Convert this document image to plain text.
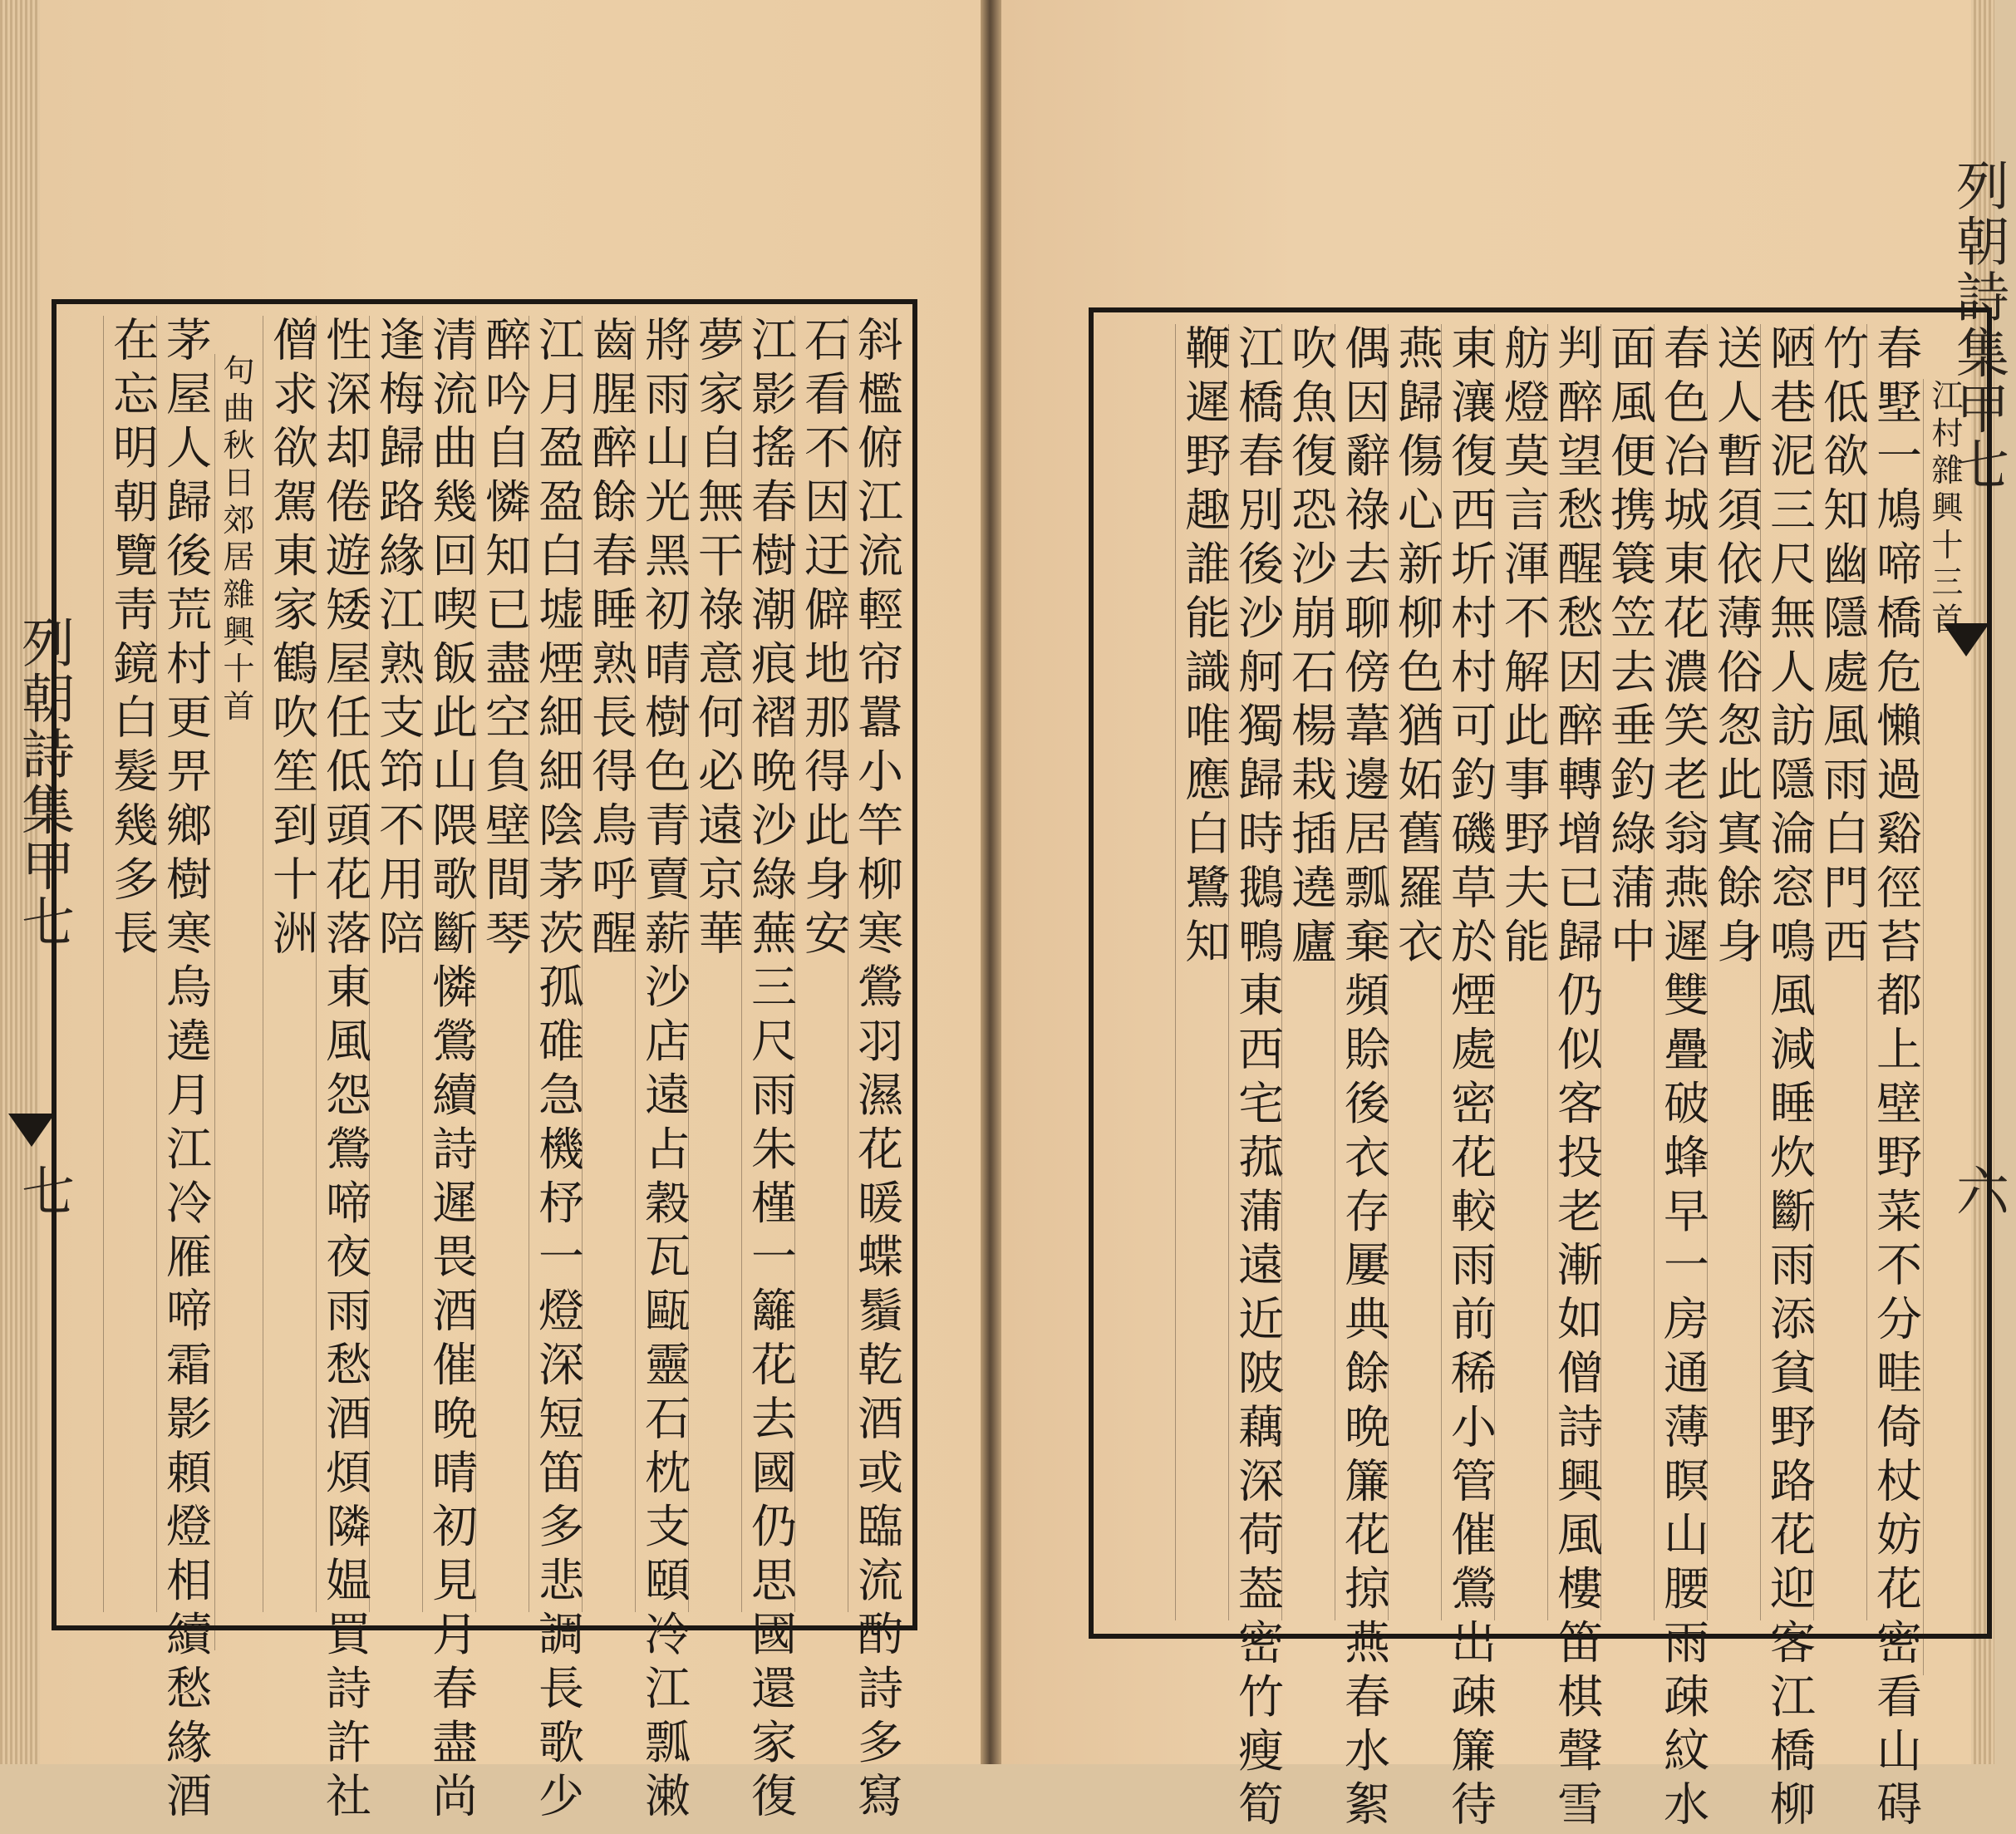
列朝詩集甲七
七	斜檻俯江流輕帘囂小竿柳寒鶯羽濕花暖蝶鬚乾酒或臨流酌詩多寫
石看不因迂僻地那得此身安
江影搖春樹潮痕褶晩沙綠蕪三尺雨朱槿一籬花去國仍思國還家復
夢家自無干祿意何必遠京華
將雨山光黑初晴樹色青賣薪沙店遠占穀瓦甌靈石枕支頤冷江瓢潄
齒腥醉餘春睡熟長得鳥呼醒
江月盈盈白墟煙細細陰茅茨孤碓急機杼一燈深短笛多悲調長歌少
醉吟自憐知已盡空負壁間琴
清流曲幾回喫飯此山隈歌斷憐鶯續詩遲畏酒催晩晴初見月春盡尚
逢梅歸路緣江熟支笻不用陪
性深却倦遊矮屋任低頭花落東風怨鶯啼夜雨愁酒煩隣媪買詩許社
僧求欲駕東家鶴吹笙到十洲
句曲秋日郊居雜興十首
茅屋人歸後荒村更畀鄉樹寒烏遶月江冷雁啼霜影頼燈相續愁緣酒
在忘明朝覽靑鏡白髮幾多長	列朝詩集甲七
六
江村雜興十三首
春墅一鳩啼橋危懶過谿徑苔都上壁野菜不分畦倚杖妨花密看山碍
竹低欲知幽隱處風雨白門西
陋巷泥三尺無人訪隱淪窓鳴風減睡炊斷雨添貧野路花迎客江橋柳
送人暫須依薄俗怱此寘餘身
春色冶城東花濃笑老翁燕遲雙疊破蜂早一房通薄瞑山腰雨疎紋水
面風便携簑笠去垂釣綠蒲中
判醉望愁醒愁因醉轉增已歸仍似客投老漸如僧詩興風樓笛棋聲雪
舫燈莫言渾不解此事野夫能
東瀼復西圻村村可釣磯草於煙處密花較雨前稀小管催鶯出疎簾待
燕歸傷心新柳色猶妬舊羅衣
偶因辭祿去聊傍葦邊居瓢棄頻賒後衣存屢典餘晩簾花掠燕春水絮
吹魚復恐沙崩石楊栽插遶廬
江橋春別後沙舸獨歸時鵝鴨東西宅菰蒲遠近陂藕深荷葢密竹瘦筍
鞭遲野趣誰能識唯應白鷺知
